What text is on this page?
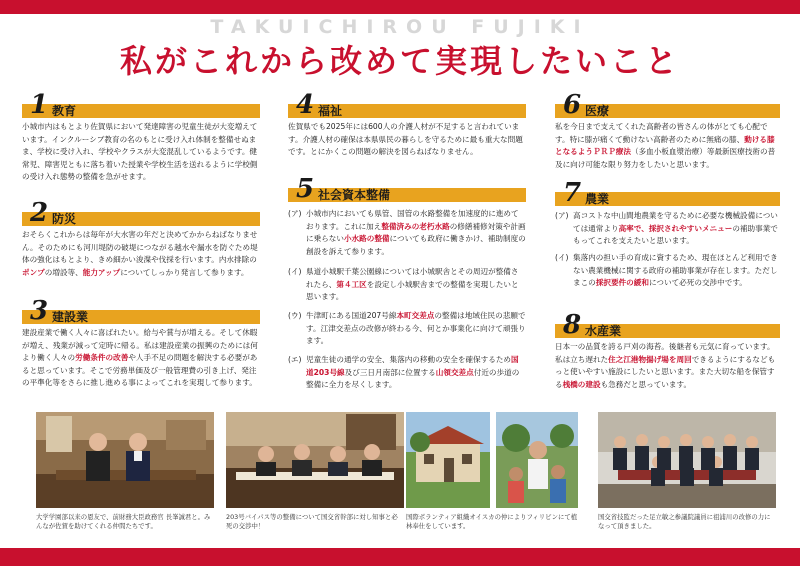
TAKUICHIROU FUJIKI
私がこれから改めて実現したいこと
1 教育
小城市内はもとより佐賀県において発達障害の児童生徒が大変増えています。インクルーシブ教育の名のもとに受け入れ体制を整備せぬまま、学校に受け入れ、学校やクラスが大変混乱しているようです。健常児、障害児ともに落ち着いた授業や学校生活を送れるように学校側の受け入れ態勢の整備を急がせます。
2 防災
おそらくこれからは毎年が大水害の年だと決めてかからねばなりません。そのためにも河川堤防の破堤につながる越水や漏水を防ぐため堤体の強化はもとより、きめ細かい浚渫や伐採を行います。内水排除のポンプの増設等、能力アップについてしっかり発言して参ります。
3 建設業
建設産業で働く人々に喜ばれたい。給与や賞与が増える。そして休暇が増え、残業が減って定時に帰る。私は建設産業の振興のためには何より働く人々の労働条件の改善や人手不足の問題を解決する必要があると思っています。そこで労務単価及び一般管理費の引き上げ、発注の平準化等をさらに推し進める事によってこれを実現して参ります。
4 福祉
佐賀県でも2025年には600人の介護人材が不足すると言われています。介護人材の確保は本県県民の暮らしを守るために最も重大な問題です。とにかくこの問題の解決を図らねばなりません。
5 社会資本整備
(ア) 小城市内においても県管、国管の水路整備を加速度的に進めております。これに加え整備済みの老朽水路の修繕補修対策や計画に乗らない小水路の整備についても政府に働きかけ、補助制度の創設を訴えて参ります。
(イ) 県道小城駅千葉公園線については小城駅舎とその周辺が整備されたら、第４工区を設定し小城駅舎までの整備を実現したいと思います。
(ウ) 牛津町にある国道207号線本町交差点の整備は地域住民の悲願です。江津交差点の改修が終わる今、何とか事業化に向けて頑張ります。
(エ) 児童生徒の通学の安全、集落内の移動の安全を確保するため国道203号線及び三日月南部に位置する山領交差点付近の歩道の整備に全力を尽くします。
6 医療
私を今日まで支えてくれた高齢者の皆さんの体がとても心配です。特に膝が痛くて動けない高齢者のために無痛の膝、動ける膝となるようＰＲＰ療法（多血小板血漿治療）等最新医療技術の普及に向け可能な限り努力をしたいと思います。
7 農業
(ア) 高コストな中山間地農業を守るために必要な機械設備については通常より高率で、採択されやすいメニューの補助事業でもってこれを支えたいと思います。
(イ) 集落内の担い手の育成に資するため、現在ほとんど利用できない農業機械に関する政府の補助事業が存在します。ただしまこの採択要件の緩和について必死の交渉中です。
8 水産業
日本一の品質を誇る戸刈の海苔。後継者も元気に育っています。私は立ち遅れた住之江港物揚げ場を周回できるようにするなどもっと使いやすい施設にしたいと思います。また大切な船を保管する桟橋の建設も急務だと思っています。
大学学園部以来の恩友で、前財務大臣政務官 長峯誠君と。みんなが佐賀を助けてくれる仲間たちです。
203号バイパス等の整備について国交省幹部に対し知事と必死の交渉中！
国際ボランティア組織オイスカの仲によりフィリピンにて植林奉仕をしています。
国交省技監だった足立敏之参議院議員に祖浦川の改修の力になって頂きました。
